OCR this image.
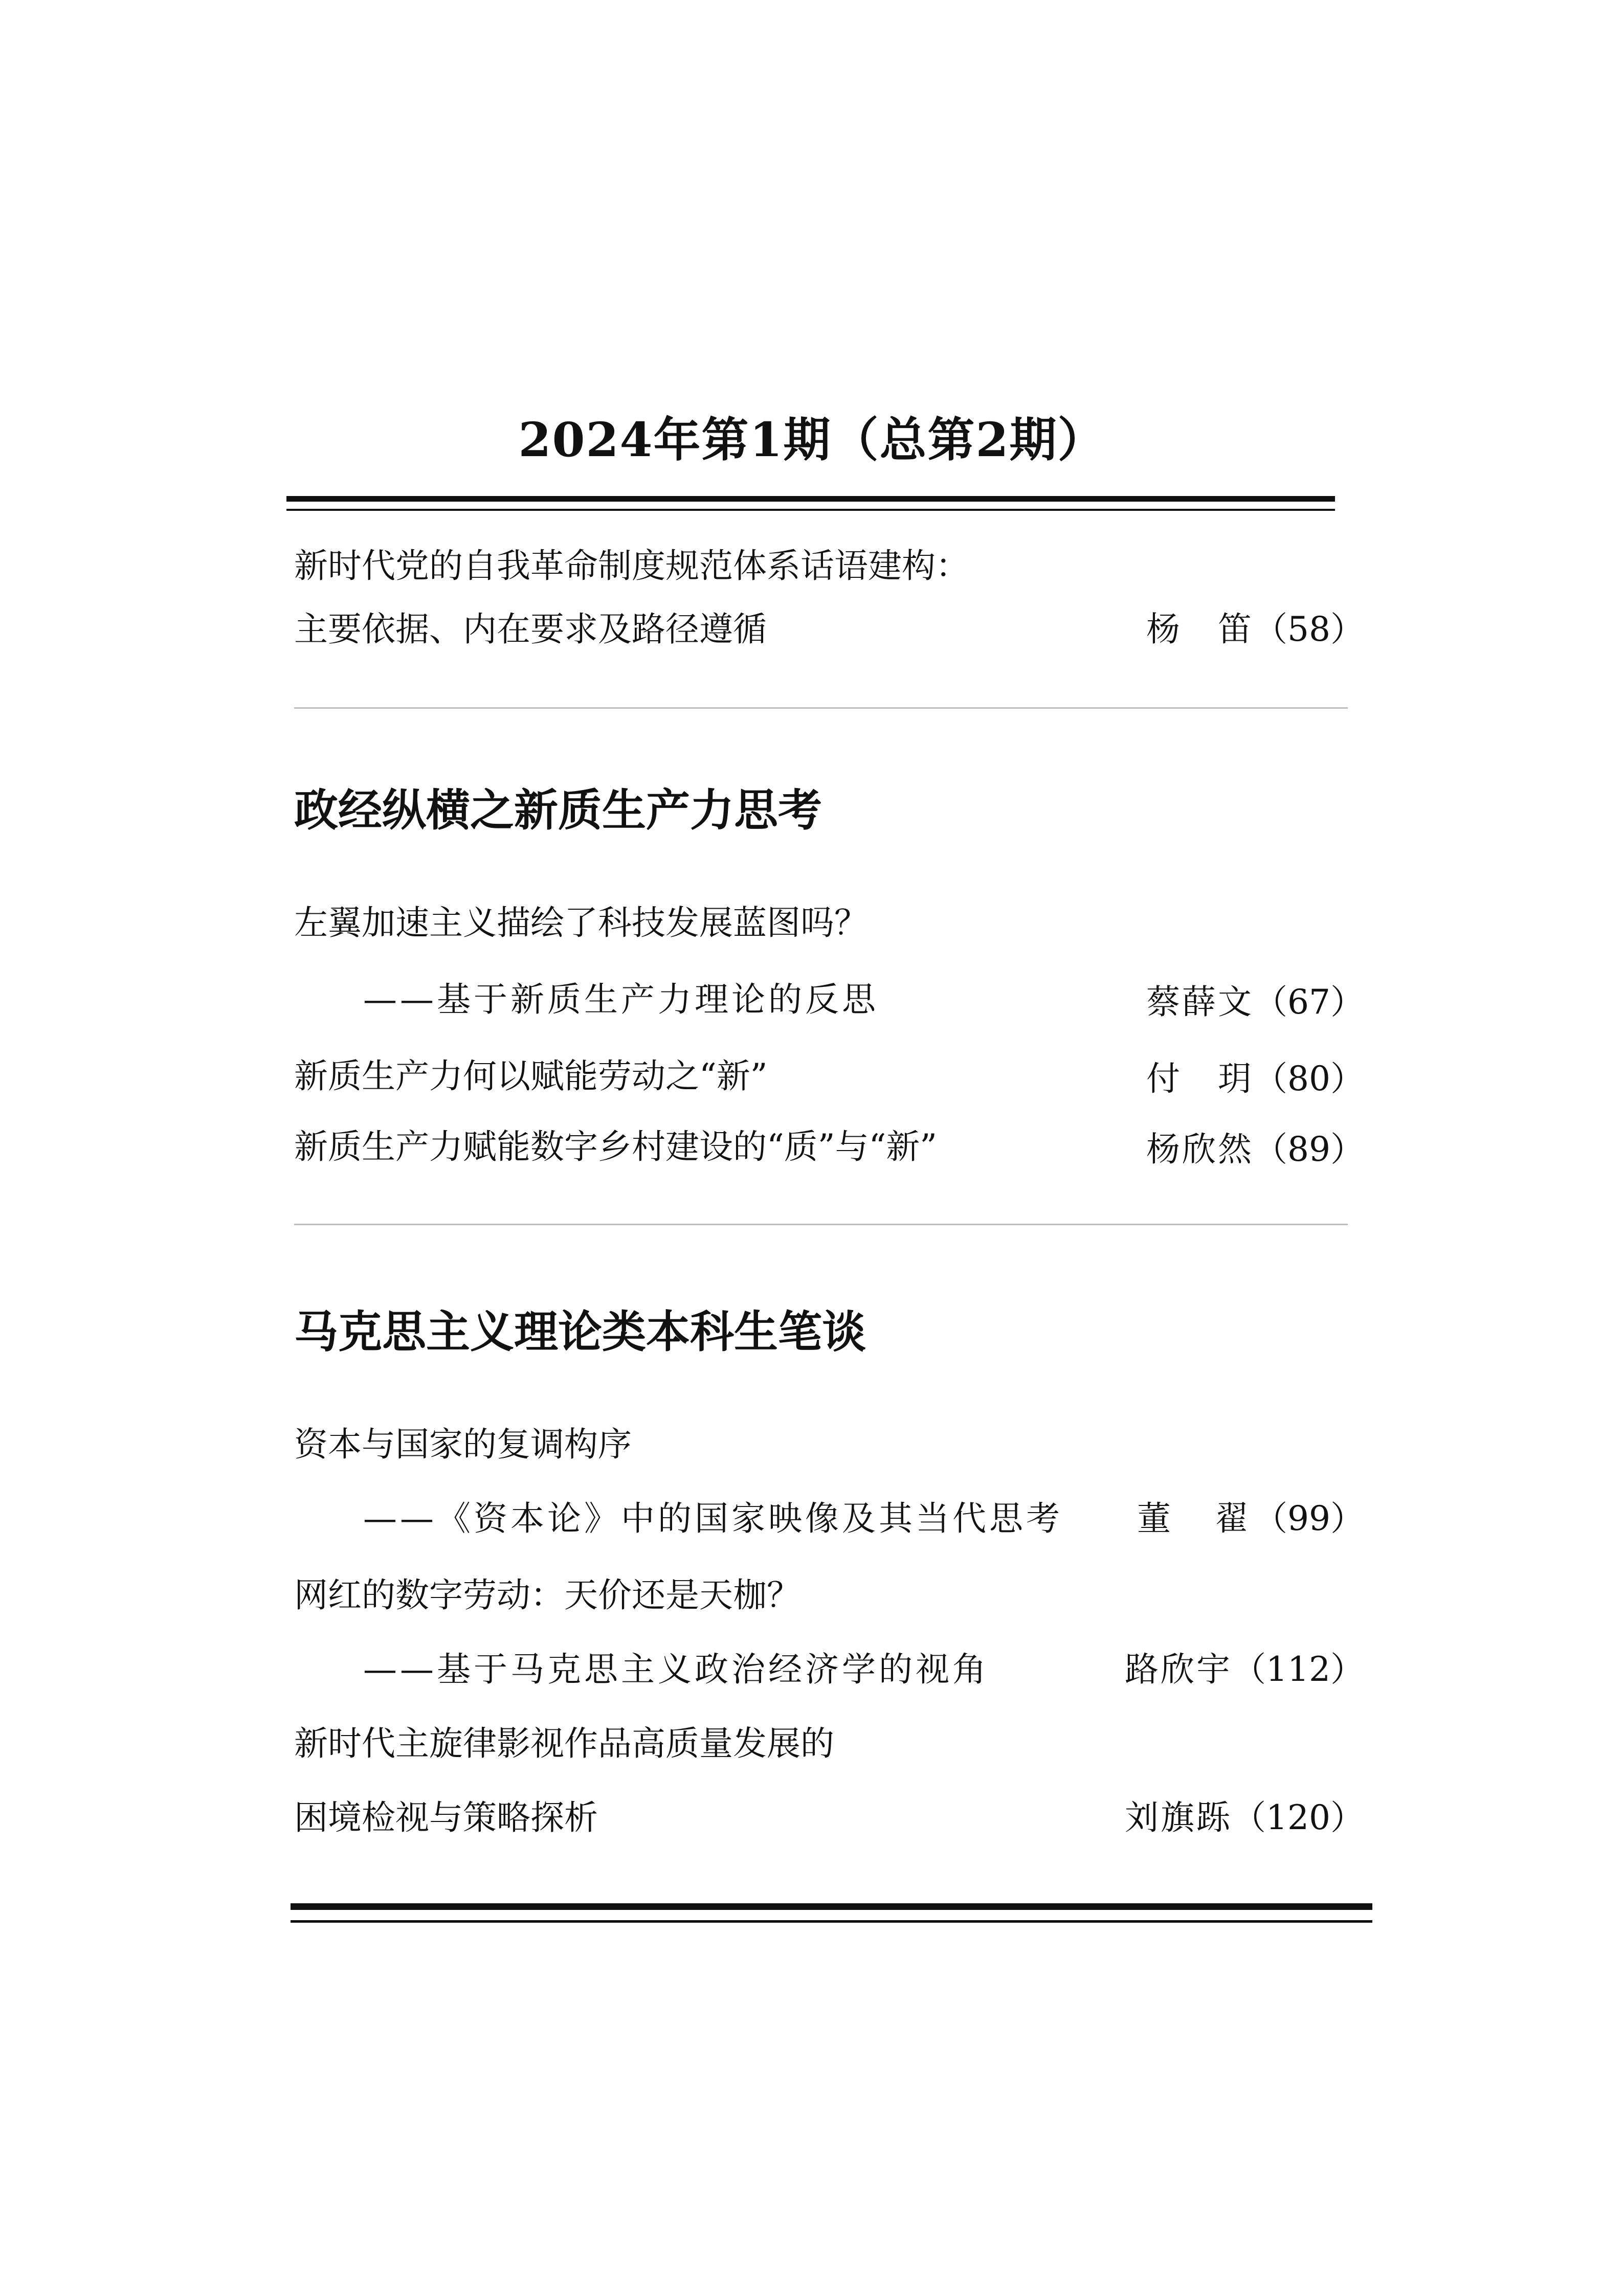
2024年第1期（总第2期）
新时代党的自我革命制度规范体系话语建构：
主要依据、内在要求及路径遵循	杨　笛（58）
政经纵横之新质生产力思考
左翼加速主义描绘了科技发展蓝图吗？
——基于新质生产力理论的反思	蔡薛文（67）
新质生产力何以赋能劳动之“新”	付　玥（80）
新质生产力赋能数字乡村建设的“质”与“新”	杨欣然（89）
马克思主义理论类本科生笔谈
资本与国家的复调构序
——《资本论》中的国家映像及其当代思考 董　翟（99）
网红的数字劳动：天价还是天枷？
——基于马克思主义政治经济学的视角	路欣宇（112）
新时代主旋律影视作品高质量发展的
困境检视与策略探析	刘旗跞（120）
